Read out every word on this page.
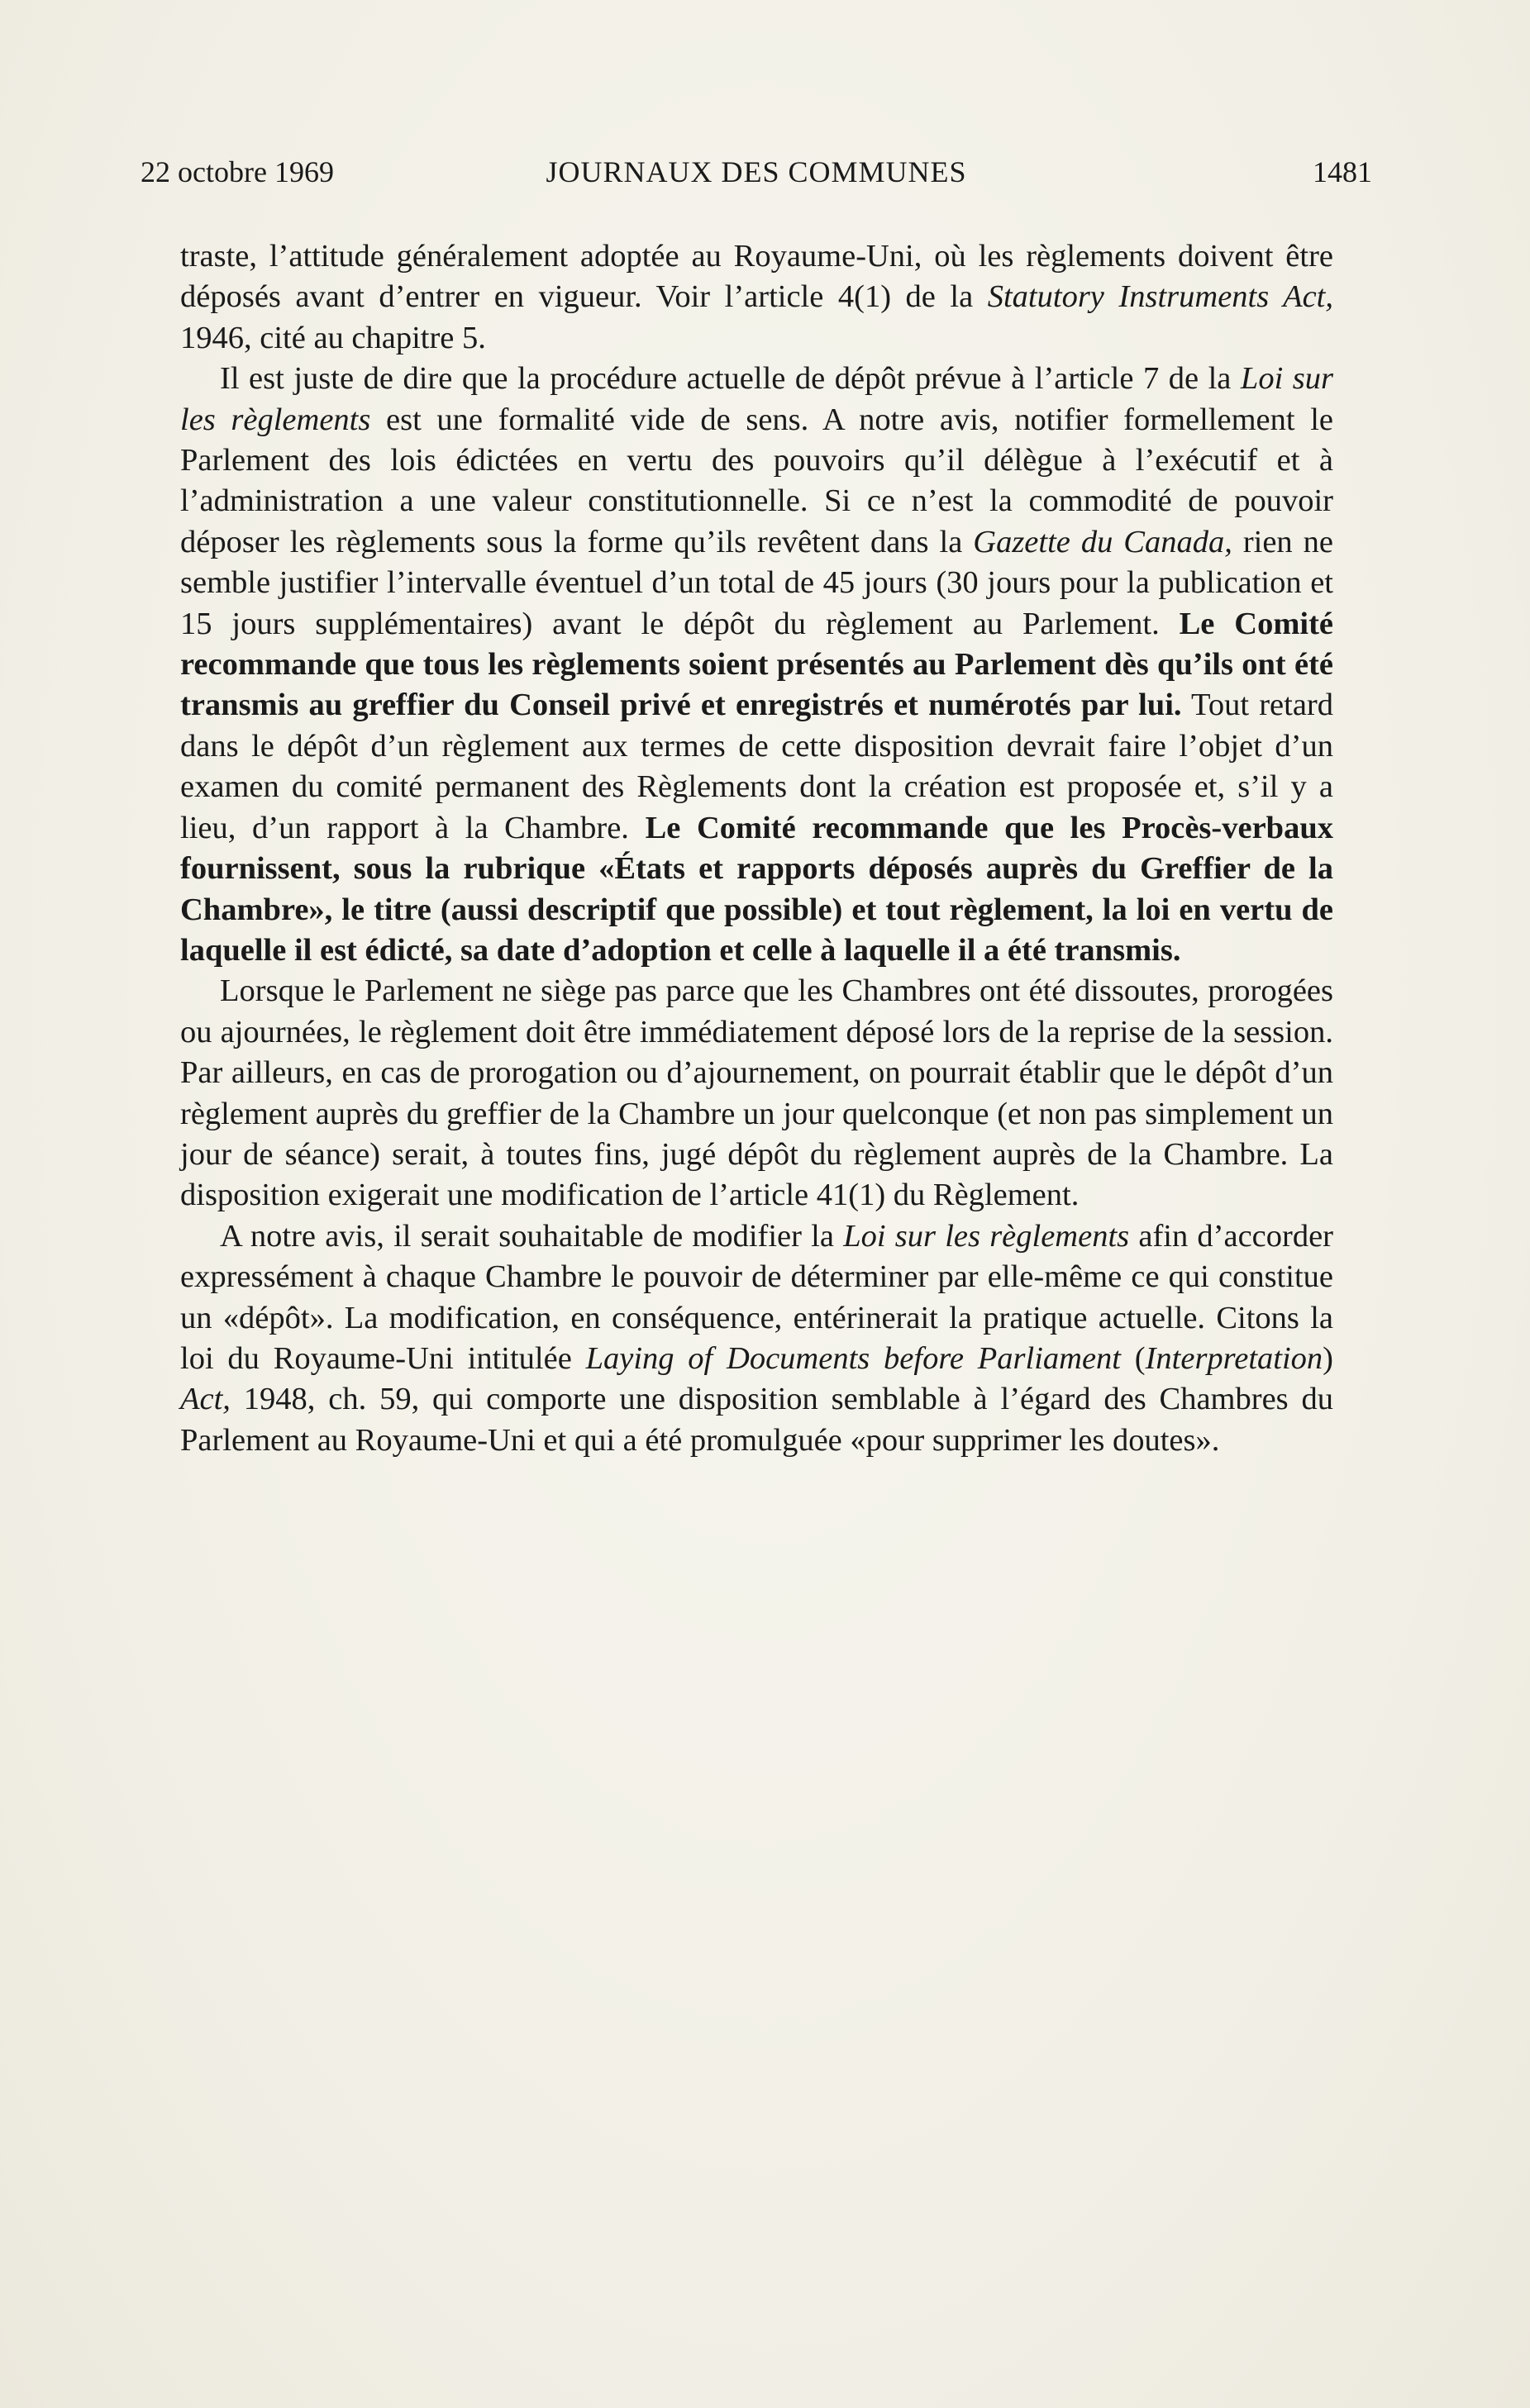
22 octobre 1969	JOURNAUX DES COMMUNES	1481

traste, l’attitude généralement adoptée au Royaume-Uni, où les règlements doivent être déposés avant d’entrer en vigueur. Voir l’article 4(1) de la Statutory Instruments Act, 1946, cité au chapitre 5.

Il est juste de dire que la procédure actuelle de dépôt prévue à l’article 7 de la Loi sur les règlements est une formalité vide de sens. A notre avis, notifier formellement le Parlement des lois édictées en vertu des pouvoirs qu’il délègue à l’exécutif et à l’administration a une valeur constitutionnelle. Si ce n’est la commodité de pouvoir déposer les règlements sous la forme qu’ils revêtent dans la Gazette du Canada, rien ne semble justifier l’intervalle éventuel d’un total de 45 jours (30 jours pour la publication et 15 jours supplémentaires) avant le dépôt du règlement au Parlement. Le Comité recommande que tous les règlements soient présentés au Parlement dès qu’ils ont été transmis au greffier du Conseil privé et enregistrés et numérotés par lui. Tout retard dans le dépôt d’un règlement aux termes de cette disposition devrait faire l’objet d’un examen du comité permanent des Règlements dont la création est proposée et, s’il y a lieu, d’un rapport à la Chambre. Le Comité recommande que les Procès-verbaux fournissent, sous la rubrique «États et rapports déposés auprès du Greffier de la Chambre», le titre (aussi descriptif que possible) et tout règlement, la loi en vertu de laquelle il est édicté, sa date d’adoption et celle à laquelle il a été transmis.

Lorsque le Parlement ne siège pas parce que les Chambres ont été dissoutes, prorogées ou ajournées, le règlement doit être immédiatement déposé lors de la reprise de la session. Par ailleurs, en cas de prorogation ou d’ajournement, on pourrait établir que le dépôt d’un règlement auprès du greffier de la Chambre un jour quelconque (et non pas simplement un jour de séance) serait, à toutes fins, jugé dépôt du règlement auprès de la Chambre. La disposition exigerait une modification de l’article 41(1) du Règlement.

A notre avis, il serait souhaitable de modifier la Loi sur les règlements afin d’accorder expressément à chaque Chambre le pouvoir de déterminer par elle-même ce qui constitue un «dépôt». La modification, en conséquence, entérinerait la pratique actuelle. Citons la loi du Royaume-Uni intitulée Laying of Documents before Parliament (Interpretation) Act, 1948, ch. 59, qui comporte une disposition semblable à l’égard des Chambres du Parlement au Royaume-Uni et qui a été promulguée «pour supprimer les doutes».
